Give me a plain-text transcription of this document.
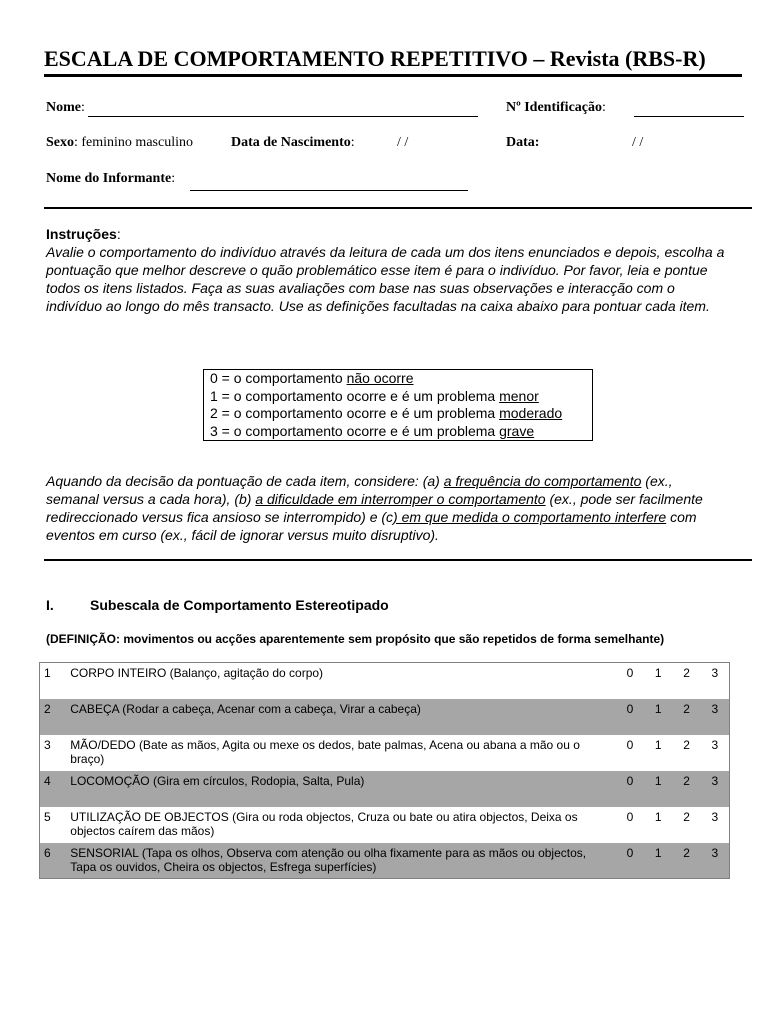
ESCALA DE COMPORTAMENTO REPETITIVO – Revista (RBS-R)
Nome:	Nº Identificação:
Sexo: feminino masculino	Data de Nascimento:	/ /	Data:	/ /
Nome do Informante:
Instruções:
Avalie o comportamento do indivíduo através da leitura de cada um dos itens enunciados e depois, escolha a pontuação que melhor descreve o quão problemático esse item é para o indivíduo. Por favor, leia e pontue todos os itens listados. Faça as suas avaliações com base nas suas observações e interacção com o indivíduo ao longo do mês transacto. Use as definições facultadas na caixa abaixo para pontuar cada item.
0 = o comportamento não ocorre
1 = o comportamento ocorre e é um problema menor
2 = o comportamento ocorre e é um problema moderado
3 = o comportamento ocorre e é um problema grave
Aquando da decisão da pontuação de cada item, considere: (a) a frequência do comportamento (ex., semanal versus a cada hora), (b) a dificuldade em interromper o comportamento (ex., pode ser facilmente redireccionado versus fica ansioso se interrompido) e (c) em que medida o comportamento interfere com eventos em curso (ex., fácil de ignorar versus muito disruptivo).
I.	Subescala de Comportamento Estereotipado
(DEFINIÇÃO: movimentos ou acções aparentemente sem propósito que são repetidos de forma semelhante)
1	CORPO INTEIRO (Balanço, agitação do corpo)	0	1	2	3
2	CABEÇA (Rodar a cabeça, Acenar com a cabeça, Virar a cabeça)	0	1	2	3
3	MÃO/DEDO (Bate as mãos, Agita ou mexe os dedos, bate palmas, Acena ou abana a mão ou o braço)	0	1	2	3
4	LOCOMOÇÃO (Gira em círculos, Rodopia, Salta, Pula)	0	1	2	3
5	UTILIZAÇÃO DE OBJECTOS (Gira ou roda objectos, Cruza ou bate ou atira objectos, Deixa os objectos caírem das mãos)	0	1	2	3
6	SENSORIAL (Tapa os olhos, Observa com atenção ou olha fixamente para as mãos ou objectos, Tapa os ouvidos, Cheira os objectos, Esfrega superfícies)	0	1	2	3
